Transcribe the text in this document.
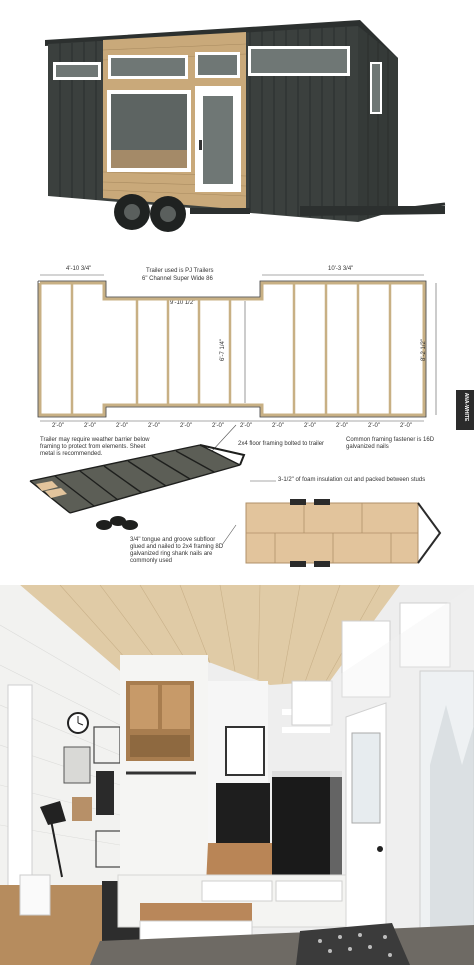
4'-10 3/4"	Trailer used is PJ Trailers
6" Channel Super Wide 86
10'-3 3/4"
9'-10 1/2"
6'-7 1/4"	8'-2 1/2"
2'-0"	2'-0"	2'-0"	2'-0"	2'-0"	2'-0"	2'-0"	2'-0"	2'-0"	2'-0"	2'-0"	2'-0"
Trailer may require weather barrier below framing to protect from elements. Sheet metal is recommended.
2x4 floor framing bolted to trailer
Common framing fastener is 16D galvanized nails
3-1/2" of foam insulation cut and packed between studs
3/4" tongue and groove subfloor glued and nailed to 2x4 framing 8D galvanized ring shank nails are commonly used
ANA-WHITE
